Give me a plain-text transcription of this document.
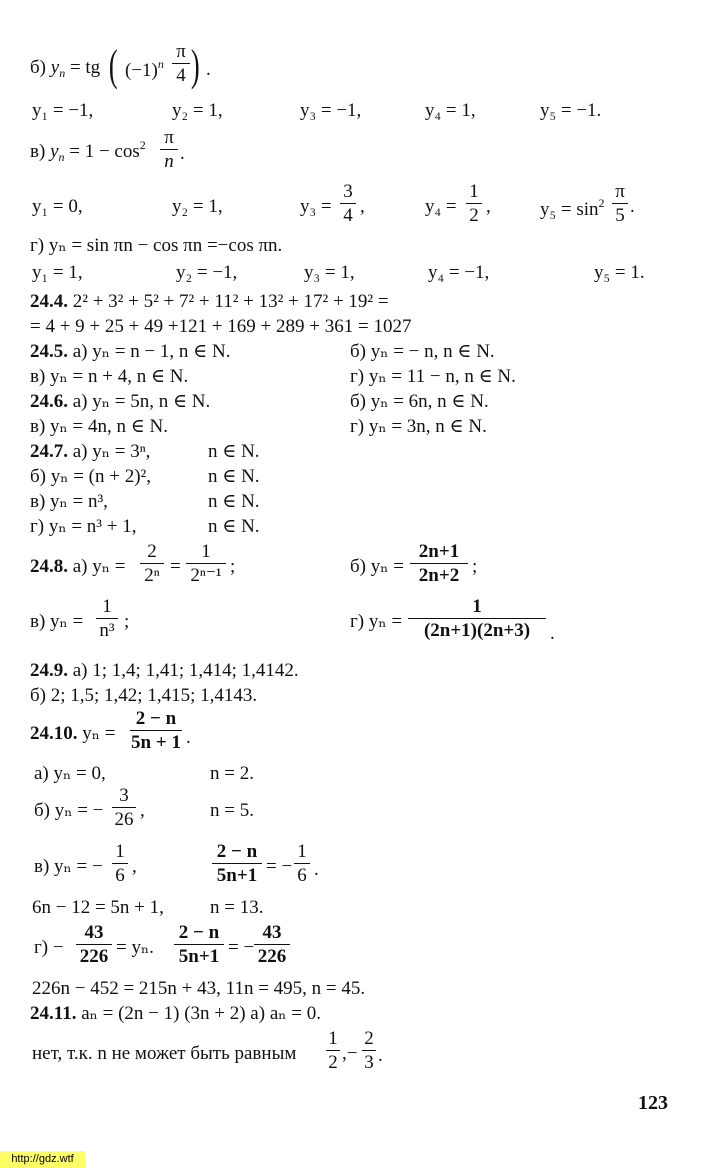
б) $y_n$ = tg ( $(-1)^n$
π
4 ) .
y₁ = −1,	y₂ = 1,	y₃ = −1,	y₄ = 1,	y₅ = −1.
в) $y_n = 1 - \cos^2 \pi$
n .
y₁ = 0,	y₂ = 1,	y₃ =
3
4 ,	y₄ =
1
2 ,	$y_5 = \sin^2$
π
5 .
г) yₙ = sin πn − cos πn =−cos πn.
y₁ = 1,	y₂ = −1,	y₃ = 1,	y₄ = −1,	y₅ = 1.
24.4. 2² + 3² + 5² + 7² + 11² + 13² + 17² + 19² =
= 4 + 9 + 25 + 49 +121 + 169 + 289 + 361 = 1027
24.5. а) yₙ = n − 1, n ∈ N.	б) yₙ = − n, n ∈ N.
в) yₙ = n + 4, n ∈ N.	г) yₙ = 11 − n, n ∈ N.
24.6. а) yₙ = 5n, n ∈ N.	б) yₙ = 6n, n ∈ N.
в) yₙ = 4n, n ∈ N.	г) yₙ = 3n, n ∈ N.
24.7. а) yₙ = 3ⁿ,	n ∈ N.
б) yₙ = (n + 2)²,	n ∈ N.
в) yₙ = n³,	n ∈ N.
г) yₙ = n³ + 1,	n ∈ N.
24.8. а) yₙ =
2
2ⁿ =
1
2ⁿ⁻¹ ;	б) yₙ =
2n+1
2n+2 ;
в) yₙ =
1
n³ ;	г) yₙ =
1
(2n+1)(2n+3)	.
24.9. а) 1; 1,4; 1,41; 1,414; 1,4142.
б) 2; 1,5; 1,42; 1,415; 1,4143.
24.10. yₙ =
2 − n
5n + 1 .
а) yₙ = 0,	n = 2.
б) yₙ = −
3
26 ,	n = 5.
в) yₙ = −
1
6 ,
2 − n
5n+1 = −
1
6 .
6n − 12 = 5n + 1, n = 13.
г) −
43
226 = yₙ.
2 − n
5n+1 = −
43
226
226n − 452 = 215n + 43, 11n = 495, n = 45.
24.11. aₙ = (2n − 1) (3n + 2) а) aₙ = 0.
нет, т.к. n не может быть равным
1
2 ,−
2
3 .
123
http://gdz.wtf
